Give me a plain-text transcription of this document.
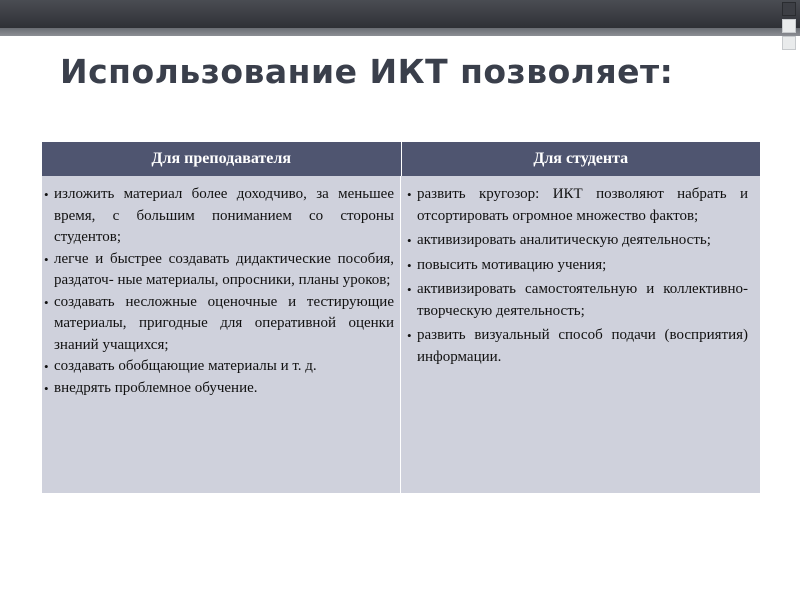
Использование ИКТ позволяет:
Для преподавателя	Для студента
• изложить материал более доходчиво, за меньшее время, с большим пониманием со стороны студентов;
• легче и быстрее создавать дидактические пособия, раздаточ- ные материалы, опросники, планы уроков;
• создавать несложные оценочные и тестирующие материалы, пригодные для оперативной оценки знаний учащихся;
• создавать обобщающие материалы и т. д.
• внедрять проблемное обучение.
• развить кругозор: ИКТ позволяют набрать и отсортировать огромное множество фактов;
• активизировать аналитическую деятельность;
• повысить мотивацию учения;
• активизировать самостоятельную и коллективно-творческую деятельность;
• развить визуальный способ подачи (восприятия) информации.
